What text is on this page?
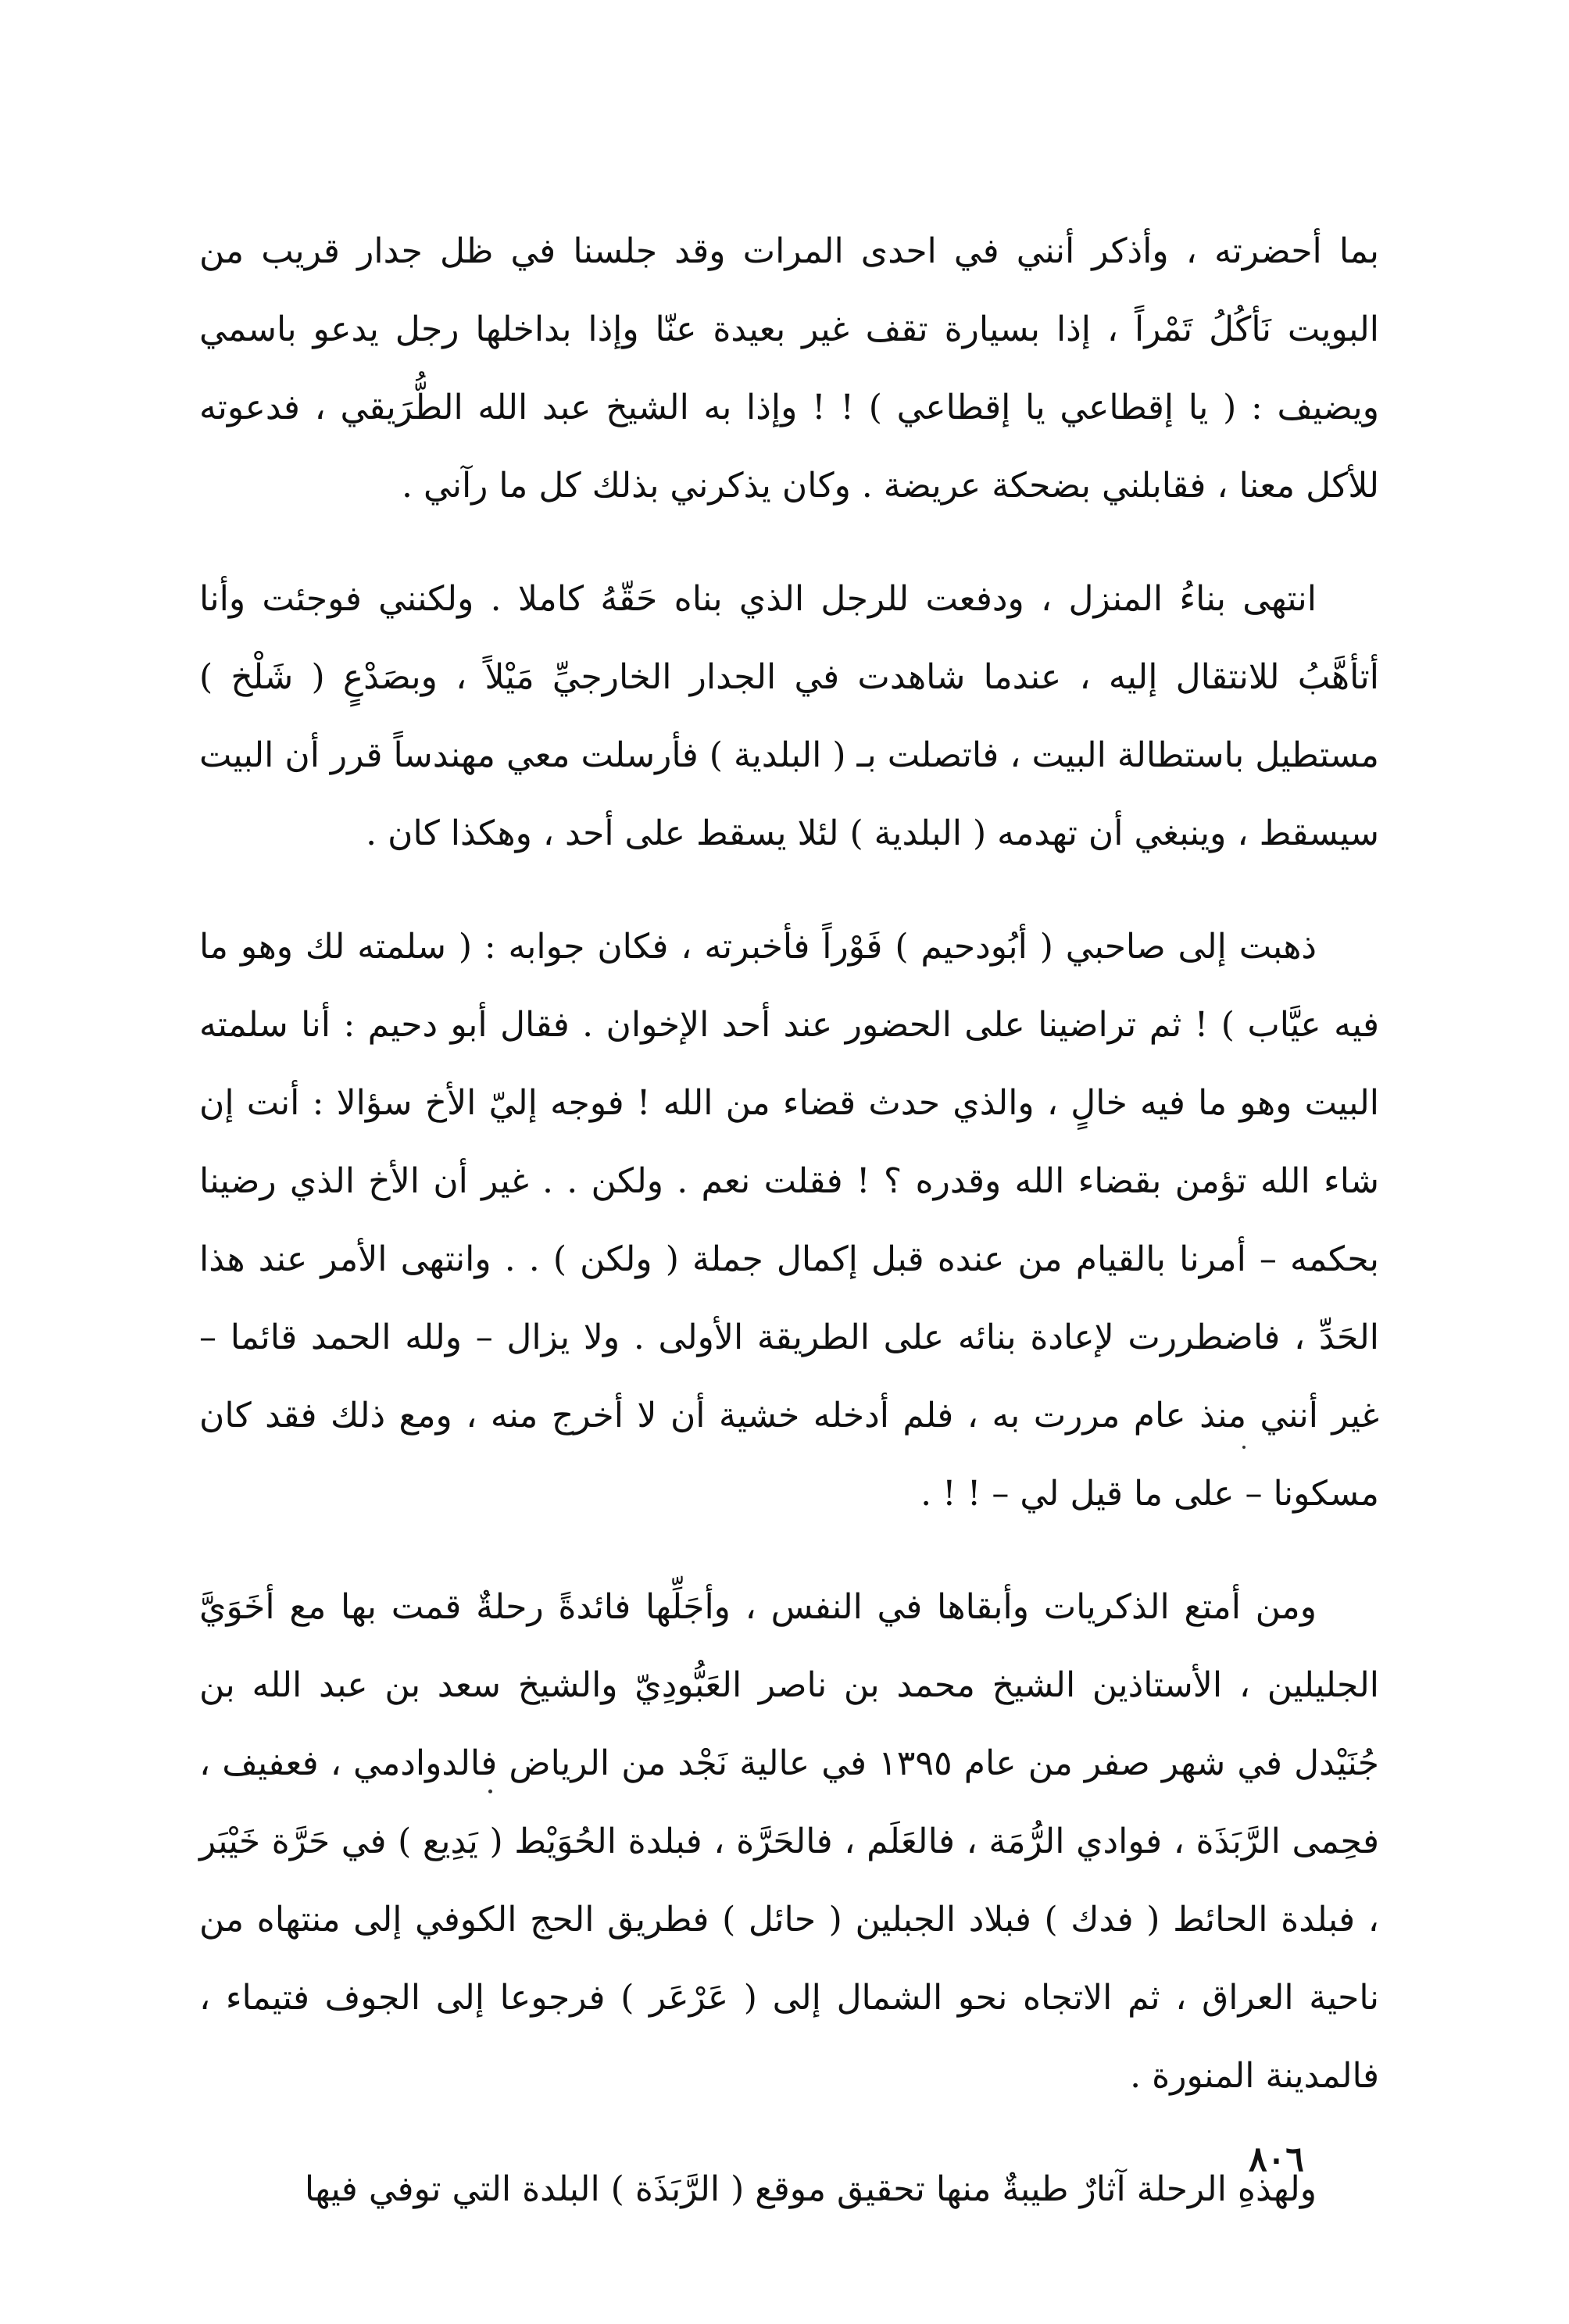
بما أحضرته ، وأذكر أنني في احدى المرات وقد جلسنا في ظل جدار قريب من البويت نَأكُلُ تَمْراً ، إذا بسيارة تقف غير بعيدة عنّا وإذا بداخلها رجل يدعو باسمي ويضيف : ( يا إقطاعي يا إقطاعي ) ! ! وإذا به الشيخ عبد الله الطُّرَيقي ، فدعوته للأكل معنا ، فقابلني بضحكة عريضة . وكان يذكرني بذلك كل ما رآني .

انتهى بناءُ المنزل ، ودفعت للرجل الذي بناه حَقّهُ كاملا . ولكنني فوجئت وأنا أتأهَّبُ للانتقال إليه ، عندما شاهدت في الجدار الخارجيِّ مَيْلاً ، وبصَدْعٍ ( شَلْخ ) مستطيل باستطالة البيت ، فاتصلت بـ ( البلدية ) فأرسلت معي مهندساً قرر أن البيت سيسقط ، وينبغي أن تهدمه ( البلدية ) لئلا يسقط على أحد ، وهكذا كان .

ذهبت إلى صاحبي ( أبُودحيم ) فَوْراً فأخبرته ، فكان جوابه : ( سلمته لك وهو ما فيه عيَّاب ) ! ثم تراضينا على الحضور عند أحد الإخوان . فقال أبو دحيم : أنا سلمته البيت وهو ما فيه خالٍ ، والذي حدث قضاء من الله ! فوجه إليّ الأخ سؤالا : أنت إن شاء الله تؤمن بقضاء الله وقدره ؟ ! فقلت نعم . ولكن . . غير أن الأخ الذي رضينا بحكمه – أمرنا بالقيام من عنده قبل إكمال جملة ( ولكن ) . . وانتهى الأمر عند هذا الحَدِّ ، فاضطررت لإعادة بنائه على الطريقة الأولى . ولا يزال – ولله الحمد قائما – غير أنني منذ عام مررت به ، فلم أدخله خشية أن لا أخرج منه ، ومع ذلك فقد كان مسكونا – على ما قيل لي – ! ! .

ومن أمتع الذكريات وأبقاها في النفس ، وأجَلِّها فائدةً رحلةٌ قمت بها مع أخَوَيَّ الجليلين ، الأستاذين الشيخ محمد بن ناصر العَبُّودِيّ والشيخ سعد بن عبد الله بن جُنَيْدل في شهر صفر من عام ١٣٩٥ في عالية نَجْد من الرياض فالدوادمي ، فعفيف ، فحِمى الرَّبَذَة ، فوادي الرُّمَة ، فالعَلَم ، فالحَرَّة ، فبلدة الحُوَيْط ( يَدِيع ) في حَرَّة خَيْبَر ، فبلدة الحائط ( فدك ) فبلاد الجبلين ( حائل ) فطريق الحج الكوفي إلى منتهاه من ناحية العراق ، ثم الاتجاه نحو الشمال إلى ( عَرْعَر ) فرجوعا إلى الجوف فتيماء ، فالمدينة المنورة .

ولهذهِ الرحلة آثارٌ طيبةٌ منها تحقيق موقع ( الرَّبَذَة ) البلدة التي توفي فيها

٨٠٦
